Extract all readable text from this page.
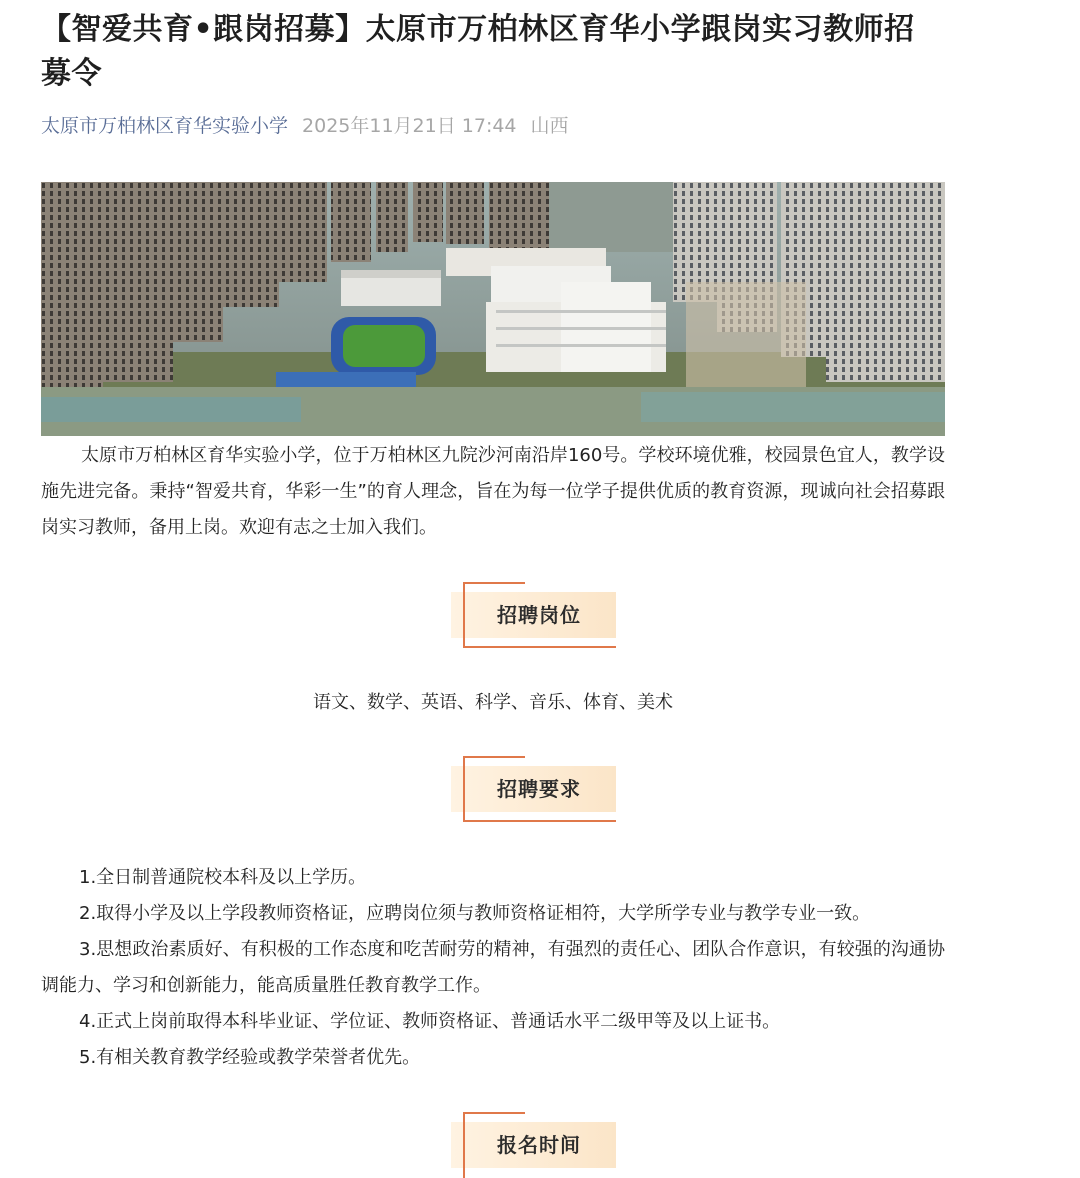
【智爱共育•跟岗招募】太原市万柏林区育华小学跟岗实习教师招募令
太原市万柏林区育华实验小学 2025年11月21日 17:44 山西

太原市万柏林区育华实验小学，位于万柏林区九院沙河南沿岸160号。学校环境优雅，校园景色宜人，教学设施先进完备。秉持“智爱共育，华彩一生”的育人理念，旨在为每一位学子提供优质的教育资源，现诚向社会招募跟岗实习教师，备用上岗。欢迎有志之士加入我们。

招聘岗位
语文、数学、英语、科学、音乐、体育、美术
招聘要求

1.全日制普通院校本科及以上学历。

2.取得小学及以上学段教师资格证，应聘岗位须与教师资格证相符，大学所学专业与教学专业一致。

3.思想政治素质好、有积极的工作态度和吃苦耐劳的精神，有强烈的责任心、团队合作意识，有较强的沟通协调能力、学习和创新能力，能高质量胜任教育教学工作。

4.正式上岗前取得本科毕业证、学位证、教师资格证、普通话水平二级甲等及以上证书。

5.有相关教育教学经验或教学荣誉者优先。

报名时间
